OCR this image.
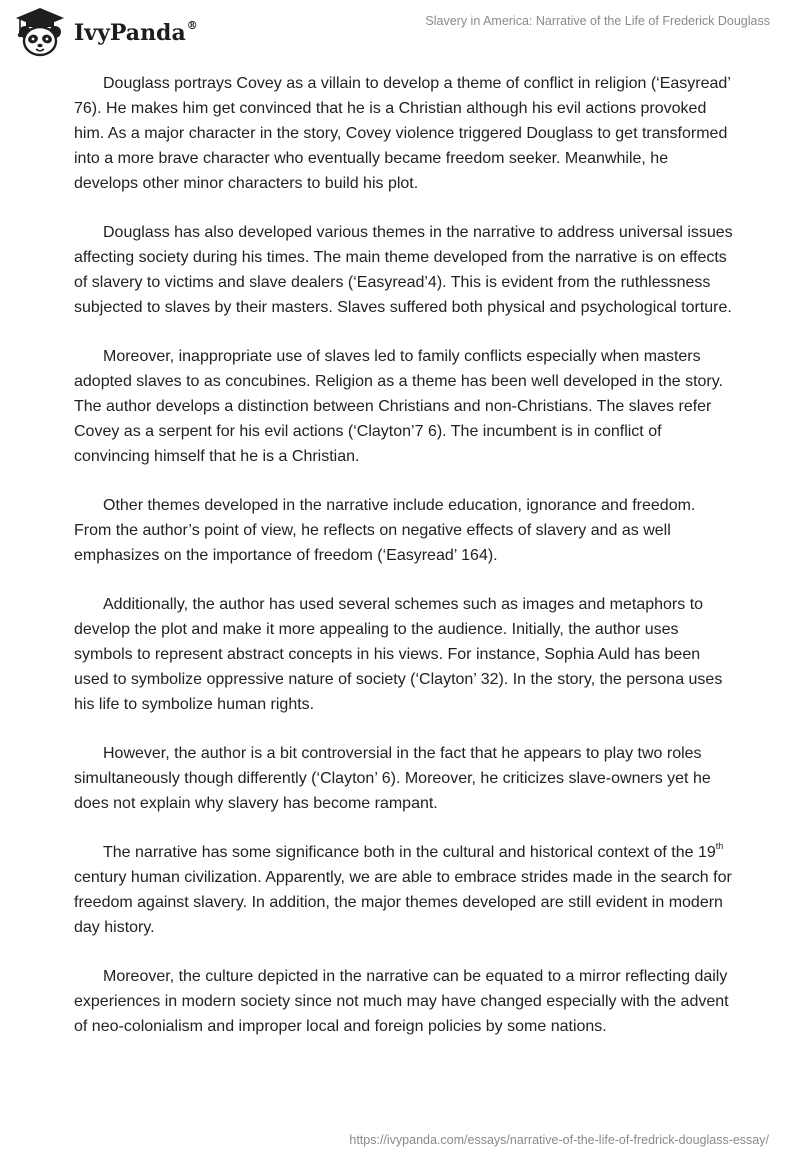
IvyPanda®	Slavery in America: Narrative of the Life of Frederick Douglass

Douglass portrays Covey as a villain to develop a theme of conflict in religion (‘Easyread’ 76). He makes him get convinced that he is a Christian although his evil actions provoked him. As a major character in the story, Covey violence triggered Douglass to get transformed into a more brave character who eventually became freedom seeker. Meanwhile, he develops other minor characters to build his plot.

Douglass has also developed various themes in the narrative to address universal issues affecting society during his times. The main theme developed from the narrative is on effects of slavery to victims and slave dealers (‘Easyread’4). This is evident from the ruthlessness subjected to slaves by their masters. Slaves suffered both physical and psychological torture.

Moreover, inappropriate use of slaves led to family conflicts especially when masters adopted slaves to as concubines. Religion as a theme has been well developed in the story. The author develops a distinction between Christians and non-Christians. The slaves refer Covey as a serpent for his evil actions (‘Clayton’7 6). The incumbent is in conflict of convincing himself that he is a Christian.

Other themes developed in the narrative include education, ignorance and freedom. From the author’s point of view, he reflects on negative effects of slavery and as well emphasizes on the importance of freedom (‘Easyread’ 164).

Additionally, the author has used several schemes such as images and metaphors to develop the plot and make it more appealing to the audience. Initially, the author uses symbols to represent abstract concepts in his views. For instance, Sophia Auld has been used to symbolize oppressive nature of society (‘Clayton’ 32). In the story, the persona uses his life to symbolize human rights.

However, the author is a bit controversial in the fact that he appears to play two roles simultaneously though differently (‘Clayton’ 6). Moreover, he criticizes slave-owners yet he does not explain why slavery has become rampant.

The narrative has some significance both in the cultural and historical context of the 19th century human civilization. Apparently, we are able to embrace strides made in the search for freedom against slavery. In addition, the major themes developed are still evident in modern day history.

Moreover, the culture depicted in the narrative can be equated to a mirror reflecting daily experiences in modern society since not much may have changed especially with the advent of neo-colonialism and improper local and foreign policies by some nations.

https://ivypanda.com/essays/narrative-of-the-life-of-fredrick-douglass-essay/
